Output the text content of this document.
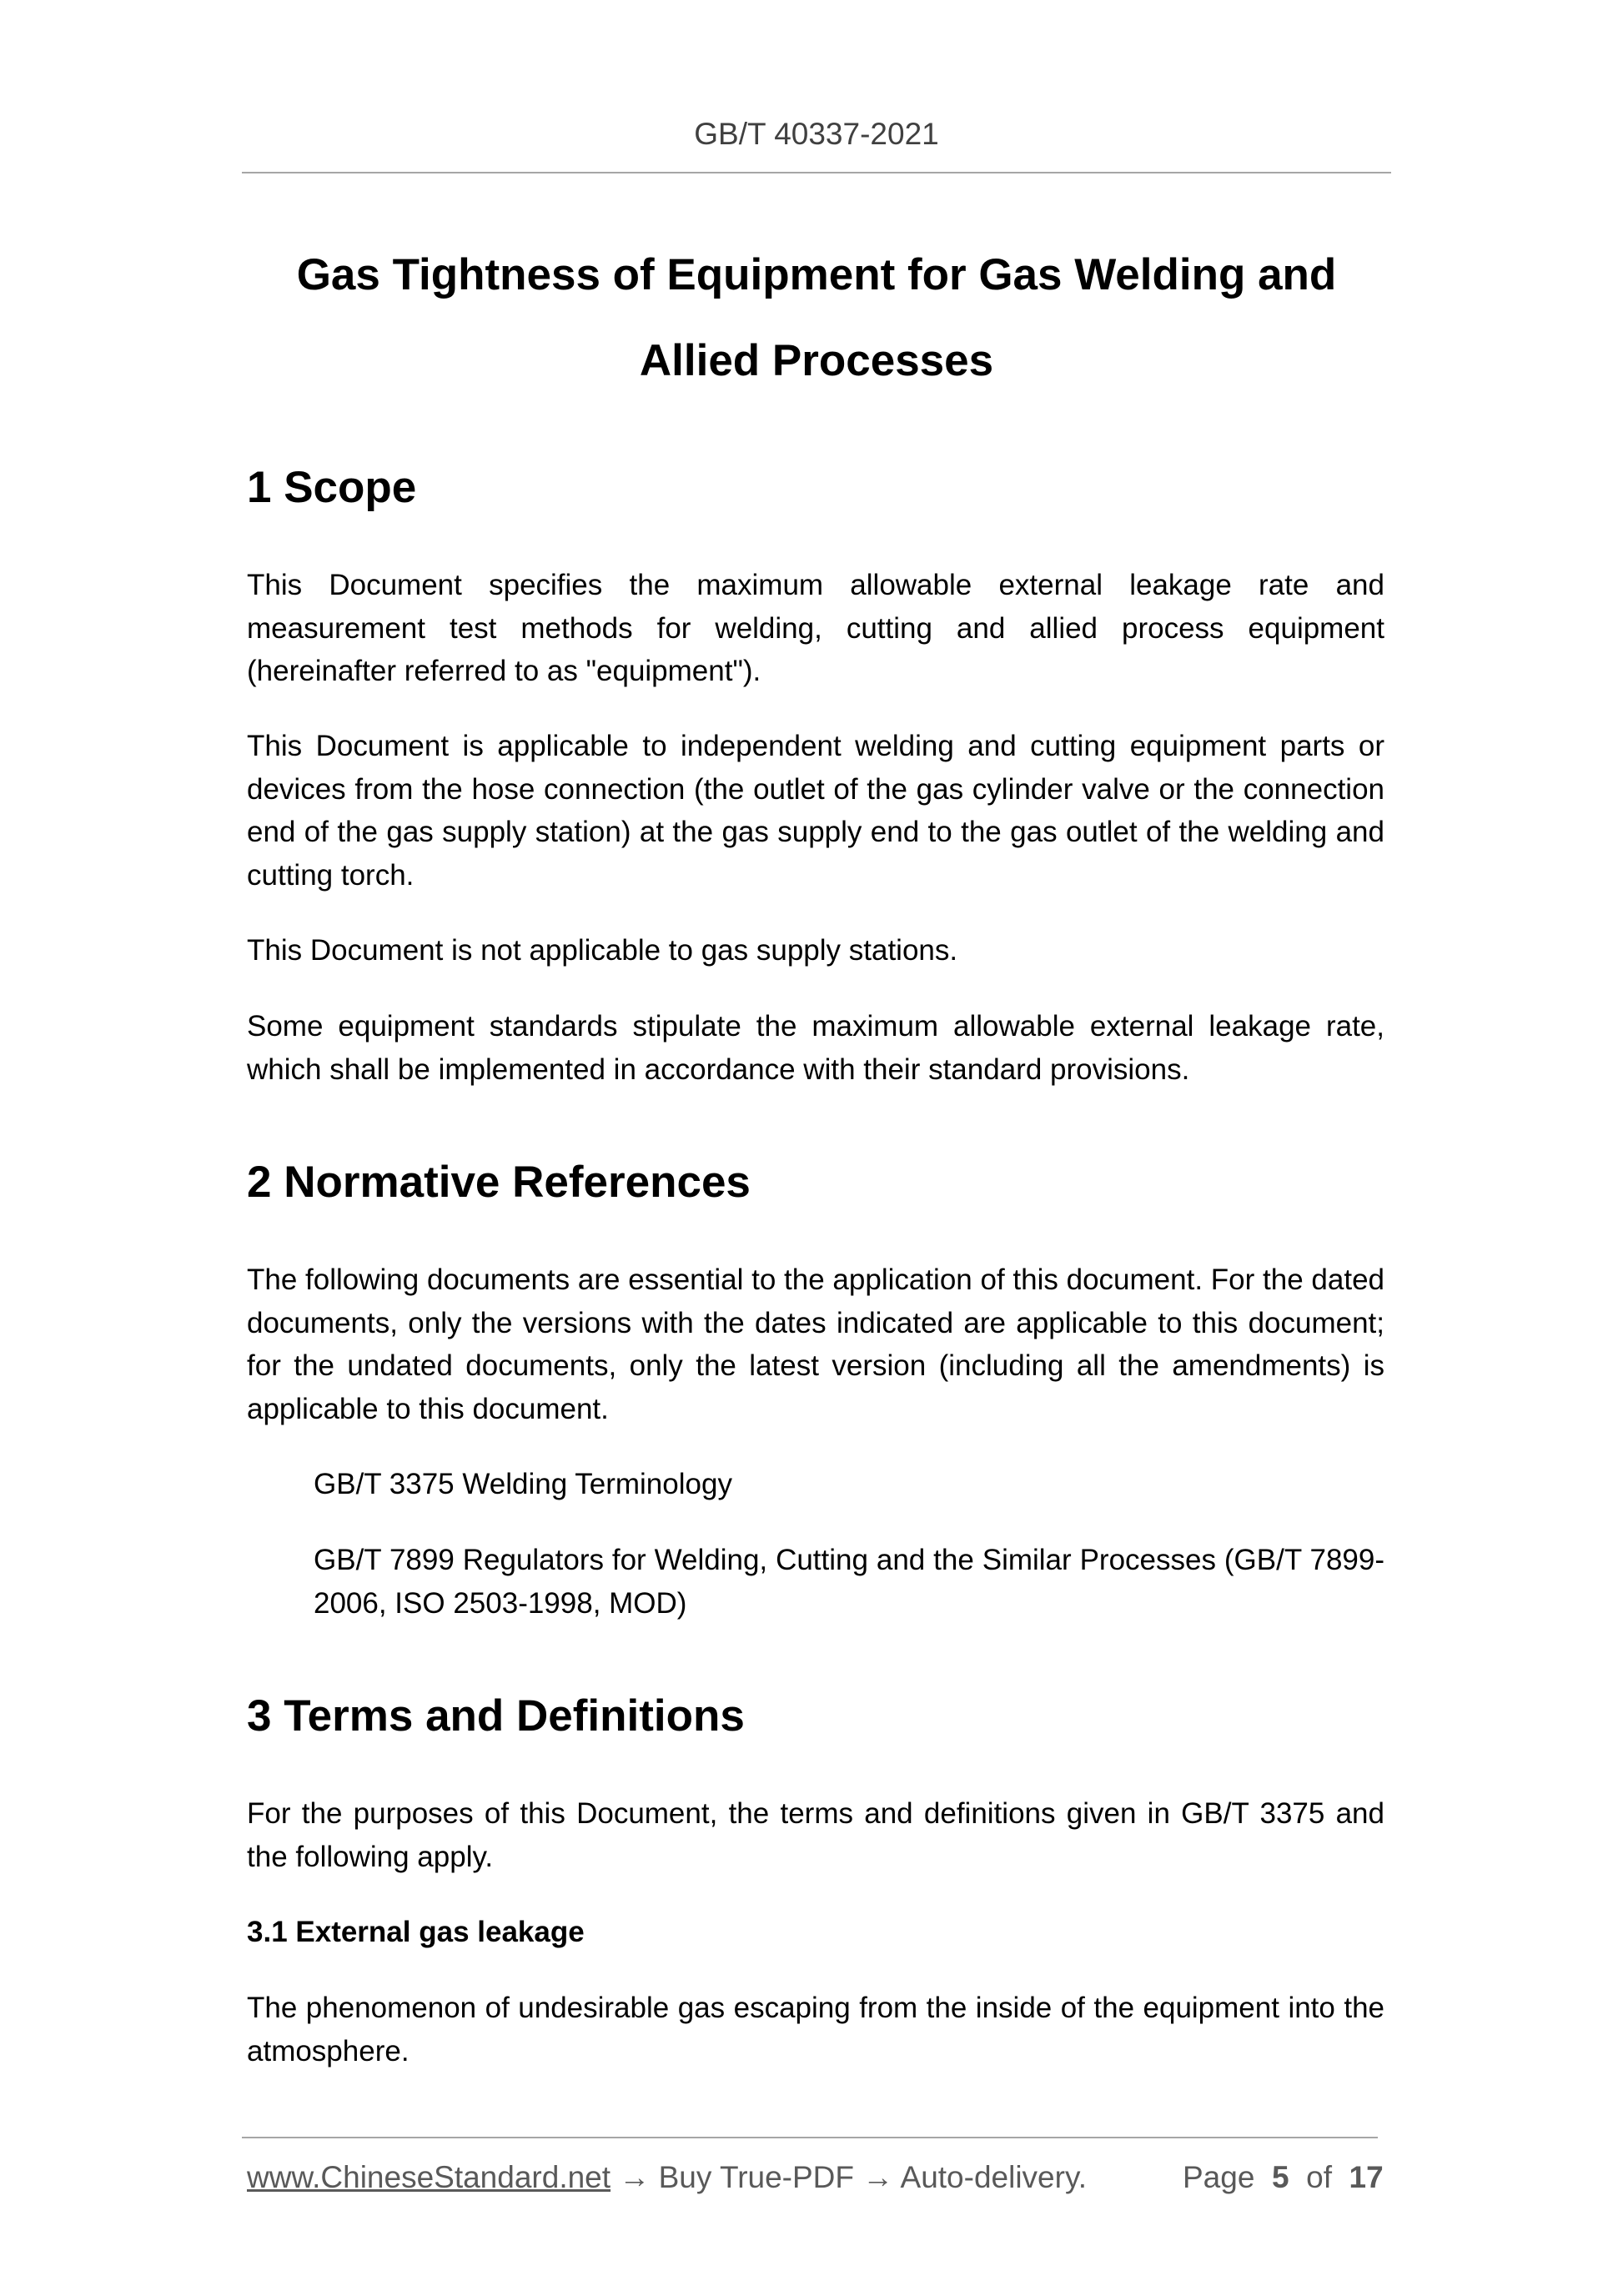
GB/T 40337-2021
Gas Tightness of Equipment for Gas Welding and
Allied Processes
1 Scope

This Document specifies the maximum allowable external leakage rate and measurement test methods for welding, cutting and allied process equipment (hereinafter referred to as "equipment").

This Document is applicable to independent welding and cutting equipment parts or devices from the hose connection (the outlet of the gas cylinder valve or the connection end of the gas supply station) at the gas supply end to the gas outlet of the welding and cutting torch.

This Document is not applicable to gas supply stations.

Some equipment standards stipulate the maximum allowable external leakage rate, which shall be implemented in accordance with their standard provisions.

2 Normative References

The following documents are essential to the application of this document. For the dated documents, only the versions with the dates indicated are applicable to this document; for the undated documents, only the latest version (including all the amendments) is applicable to this document.

GB/T 3375 Welding Terminology

GB/T 7899 Regulators for Welding, Cutting and the Similar Processes (GB/T 7899-2006, ISO 2503-1998, MOD)

3 Terms and Definitions

For the purposes of this Document, the terms and definitions given in GB/T 3375 and the following apply.

3.1 External gas leakage

The phenomenon of undesirable gas escaping from the inside of the equipment into the atmosphere.

www.ChineseStandard.net → Buy True-PDF → Auto-delivery.	Page 5 of 17
